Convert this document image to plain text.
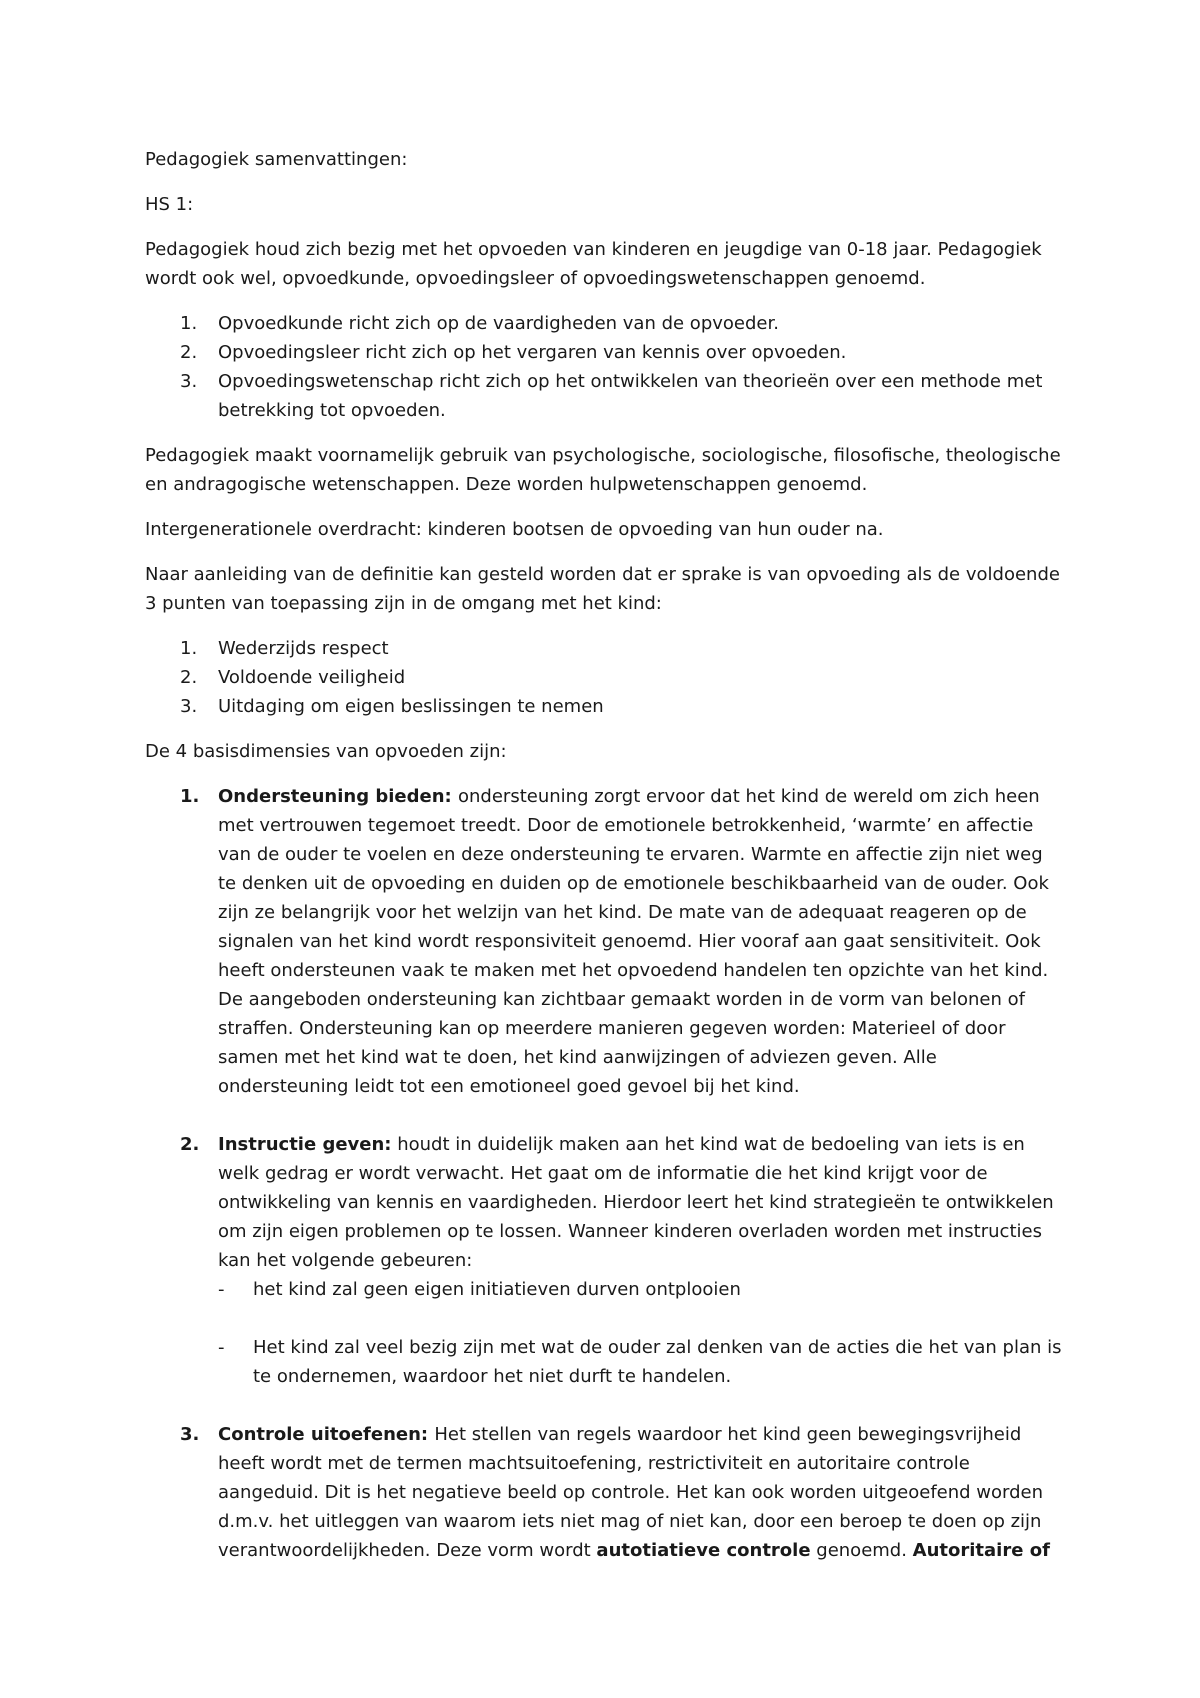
Pedagogiek samenvattingen:

HS 1:

Pedagogiek houd zich bezig met het opvoeden van kinderen en jeugdige van 0-18 jaar. Pedagogiek wordt ook wel, opvoedkunde, opvoedingsleer of opvoedingswetenschappen genoemd.

1. Opvoedkunde richt zich op de vaardigheden van de opvoeder.
2. Opvoedingsleer richt zich op het vergaren van kennis over opvoeden.
3. Opvoedingswetenschap richt zich op het ontwikkelen van theorieën over een methode met betrekking tot opvoeden.

Pedagogiek maakt voornamelijk gebruik van psychologische, sociologische, filosofische, theologische en andragogische wetenschappen. Deze worden hulpwetenschappen genoemd.

Intergenerationele overdracht: kinderen bootsen de opvoeding van hun ouder na.

Naar aanleiding van de definitie kan gesteld worden dat er sprake is van opvoeding als de voldoende 3 punten van toepassing zijn in de omgang met het kind:

1. Wederzijds respect
2. Voldoende veiligheid
3. Uitdaging om eigen beslissingen te nemen

De 4 basisdimensies van opvoeden zijn:

1. Ondersteuning bieden: ondersteuning zorgt ervoor dat het kind de wereld om zich heen met vertrouwen tegemoet treedt. Door de emotionele betrokkenheid, ‘warmte’ en affectie van de ouder te voelen en deze ondersteuning te ervaren. Warmte en affectie zijn niet weg te denken uit de opvoeding en duiden op de emotionele beschikbaarheid van de ouder. Ook zijn ze belangrijk voor het welzijn van het kind. De mate van de adequaat reageren op de signalen van het kind wordt responsiviteit genoemd. Hier vooraf aan gaat sensitiviteit. Ook heeft ondersteunen vaak te maken met het opvoedend handelen ten opzichte van het kind. De aangeboden ondersteuning kan zichtbaar gemaakt worden in de vorm van belonen of straffen. Ondersteuning kan op meerdere manieren gegeven worden: Materieel of door samen met het kind wat te doen, het kind aanwijzingen of adviezen geven. Alle ondersteuning leidt tot een emotioneel goed gevoel bij het kind.
2. Instructie geven: houdt in duidelijk maken aan het kind wat de bedoeling van iets is en welk gedrag er wordt verwacht. Het gaat om de informatie die het kind krijgt voor de ontwikkeling van kennis en vaardigheden. Hierdoor leert het kind strategieën te ontwikkelen om zijn eigen problemen op te lossen. Wanneer kinderen overladen worden met instructies kan het volgende gebeuren:
- het kind zal geen eigen initiatieven durven ontplooien
- Het kind zal veel bezig zijn met wat de ouder zal denken van de acties die het van plan is te ondernemen, waardoor het niet durft te handelen.
3. Controle uitoefenen: Het stellen van regels waardoor het kind geen bewegingsvrijheid heeft wordt met de termen machtsuitoefening, restrictiviteit en autoritaire controle aangeduid. Dit is het negatieve beeld op controle. Het kan ook worden uitgeoefend worden d.m.v. het uitleggen van waarom iets niet mag of niet kan, door een beroep te doen op zijn verantwoordelijkheden. Deze vorm wordt autotiatieve controle genoemd. Autoritaire of
